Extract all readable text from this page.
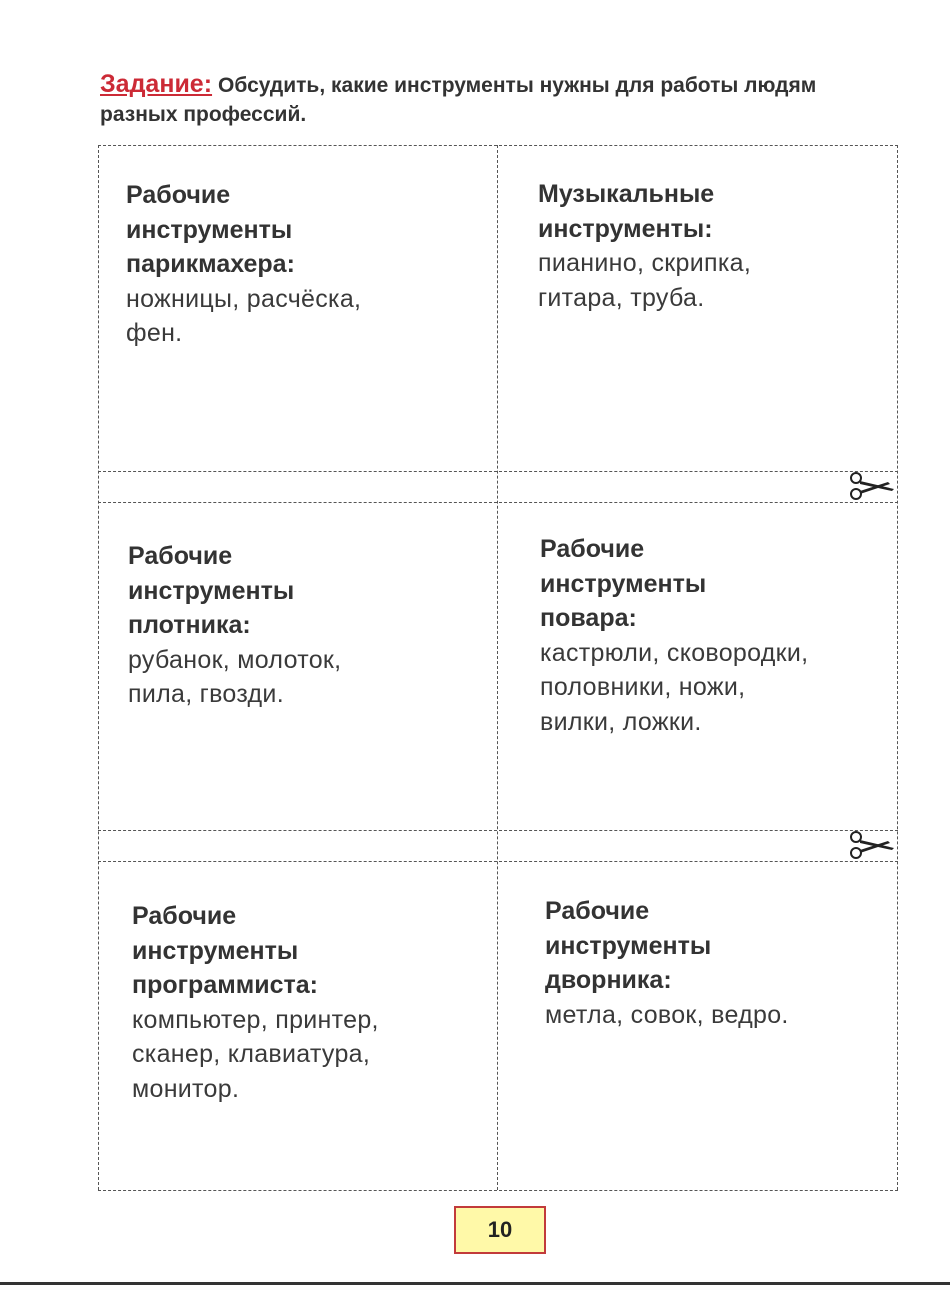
Задание: Обсудить, какие инструменты нужны для работы людям разных профессий.
Рабочие
инструменты
парикмахера:
ножницы, расчёска,
фен.
Музыкальные
инструменты:
пианино, скрипка,
гитара, труба.
Рабочие
инструменты
плотника:
рубанок, молоток,
пила, гвозди.
Рабочие
инструменты
повара:
кастрюли, сковородки,
половники, ножи,
вилки, ложки.
Рабочие
инструменты
программиста:
компьютер, принтер,
сканер, клавиатура,
монитор.
Рабочие
инструменты
дворника:
метла, совок, ведро.
10
